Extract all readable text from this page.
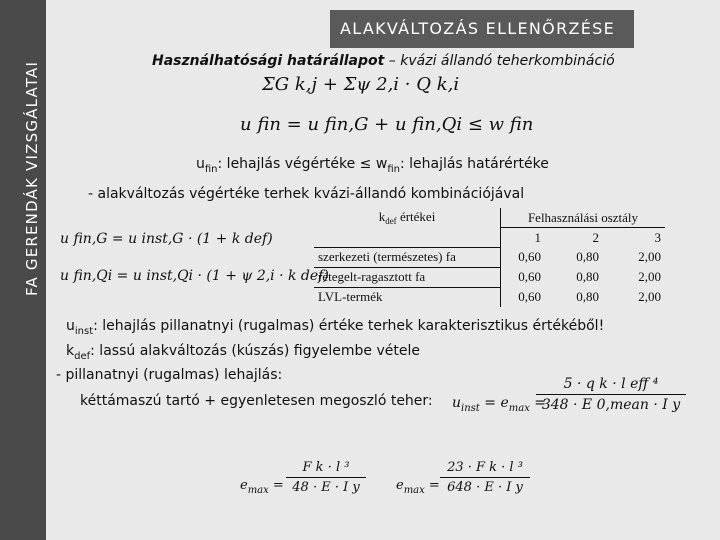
FA GERENDÁK VIZSGÁLATAI
ALAKVÁLTOZÁS ELLENŐRZÉSE
Használhatósági határállapot – kvázi állandó teherkombináció
ΣG k,j + Σψ 2,i · Q k,i
u fin = u fin,G + u fin,Qi ≤ w fin
$u_{fin}$: lehajlás végértéke ≤ $w_{fin}$: lehajlás határértéke
- alakváltozás végértéke terhek kvázi-állandó kombinációjával
u fin,G = u inst,G · (1 + k def)
u fin,Qi = u inst,Qi · (1 + ψ 2,i · k def)
$k_{def}$ értékei	Felhasználási osztály		
	1	2	3
szerkezeti (természetes) fa	0,60	0,80	2,00
rétegelt-ragasztott fa	0,60	0,80	2,00
LVL-termék	0,60	0,80	2,00
$u_{inst}$: lehajlás pillanatnyi (rugalmas) értéke terhek karakterisztikus értékéből!
$k_{def}$: lassú alakváltozás (kúszás) figyelembe vétele
- pillanatnyi (rugalmas) lehajlás:
kéttámaszú tartó + egyenletesen megoszló teher: $u_{inst} = e_{max}$ =
5 · q k · l eff ⁴
348 · E 0,mean · I y
$e_{max}$ =
F k · l ³
48 · E · I y	$e_{max}$ =
23 · F k · l ³
648 · E · I y
